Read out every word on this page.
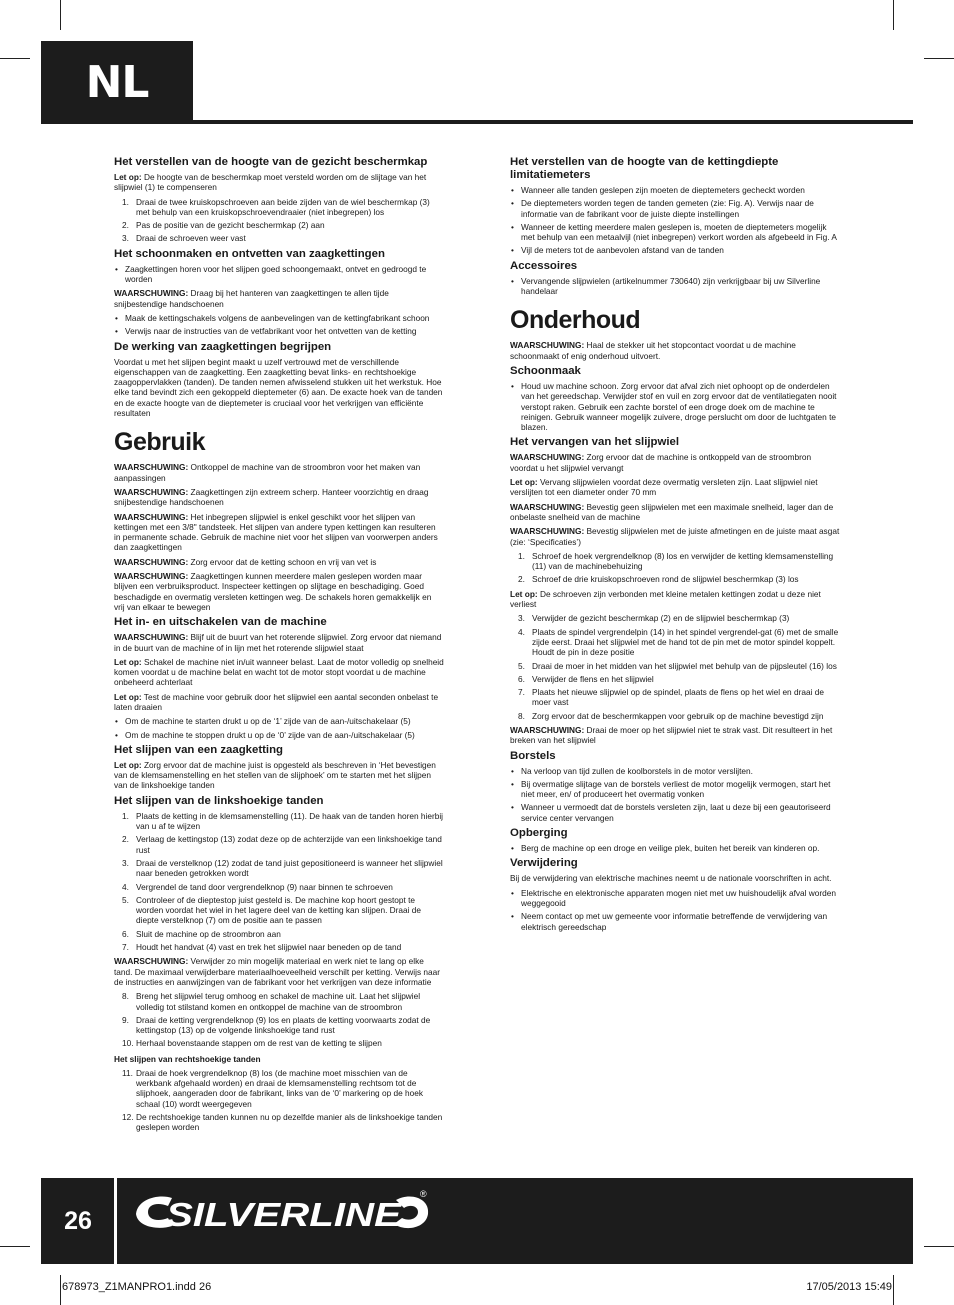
NL
Het verstellen van de hoogte van de gezicht beschermkap

Let op: De hoogte van de beschermkap moet versteld worden om de slijtage van het slijpwiel (1) te compenseren

1. Draai de twee kruiskopschroeven aan beide zijden van de wiel beschermkap (3) met behulp van een kruiskopschroevendraaier (niet inbegrepen) los
2. Pas de positie van de gezicht beschermkap (2) aan
3. Draai de schroeven weer vast
Het schoonmaken en ontvetten van zaagkettingen
• Zaagkettingen horen voor het slijpen goed schoongemaakt, ontvet en gedroogd te worden

WAARSCHUWING: Draag bij het hanteren van zaagkettingen te allen tijde snijbestendige handschoenen

• Maak de kettingschakels volgens de aanbevelingen van de kettingfabrikant schoon
• Verwijs naar de instructies van de vetfabrikant voor het ontvetten van de ketting
De werking van zaagkettingen begrijpen

Voordat u met het slijpen begint maakt u uzelf vertrouwd met de verschillende eigenschappen van de zaagketting. Een zaagketting bevat links- en rechtshoekige zaagoppervlakken (tanden). De tanden nemen afwisselend stukken uit het werkstuk. Hoe elke tand bevindt zich een gekoppeld dieptemeter (6) aan. De exacte hoek van de tanden en de exacte hoogte van de dieptemeter is cruciaal voor het verkrijgen van efficiënte resultaten

Gebruik

WAARSCHUWING: Ontkoppel de machine van de stroombron voor het maken van aanpassingen

WAARSCHUWING: Zaagkettingen zijn extreem scherp. Hanteer voorzichtig en draag snijbestendige handschoenen

WAARSCHUWING: Het inbegrepen slijpwiel is enkel geschikt voor het slijpen van kettingen met een 3/8" tandsteek. Het slijpen van andere typen kettingen kan resulteren in permanente schade. Gebruik de machine niet voor het slijpen van voorwerpen anders dan zaagkettingen

WAARSCHUWING: Zorg ervoor dat de ketting schoon en vrij van vet is

WAARSCHUWING: Zaagkettingen kunnen meerdere malen geslepen worden maar blijven een verbruiksproduct. Inspecteer kettingen op slijtage en beschadiging. Goed beschadigde en overmatig versleten kettingen weg. De schakels horen gemakkelijk en vrij van elkaar te bewegen

Het in- en uitschakelen van de machine

WAARSCHUWING: Blijf uit de buurt van het roterende slijpwiel. Zorg ervoor dat niemand in de buurt van de machine of in lijn met het roterende slijpwiel staat

Let op: Schakel de machine niet in/uit wanneer belast. Laat de motor volledig op snelheid komen voordat u de machine belat en wacht tot de motor stopt voordat u de machine onbeheerd achterlaat

Let op: Test de machine voor gebruik door het slijpwiel een aantal seconden onbelast te laten draaien

• Om de machine te starten drukt u op de ‘1’ zijde van de aan-/uitschakelaar (5)
• Om de machine te stoppen drukt u op de ‘0’ zijde van de aan-/uitschakelaar (5)
Het slijpen van een zaagketting

Let op: Zorg ervoor dat de machine juist is opgesteld als beschreven in ‘Het bevestigen van de klemsamenstelling en het stellen van de slijphoek’ om te starten met het slijpen van de linkshoekige tanden

Het slijpen van de linkshoekige tanden
1. Plaats de ketting in de klemsamenstelling (11). De haak van de tanden horen hierbij van u af te wijzen
2. Verlaag de kettingstop (13) zodat deze op de achterzijde van een linkshoekige tand rust
3. Draai de verstelknop (12) zodat de tand juist gepositioneerd is wanneer het slijpwiel naar beneden getrokken wordt
4. Vergrendel de tand door vergrendelknop (9) naar binnen te schroeven
5. Controleer of de dieptestop juist gesteld is. De machine kop hoort gestopt te worden voordat het wiel in het lagere deel van de ketting kan slijpen. Draai de diepte verstelknop (7) om de positie aan te passen
6. Sluit de machine op de stroombron aan
7. Houdt het handvat (4) vast en trek het slijpwiel naar beneden op de tand

WAARSCHUWING: Verwijder zo min mogelijk materiaal en werk niet te lang op elke tand. De maximaal verwijderbare materiaalhoeveelheid verschilt per ketting. Verwijs naar de instructies en aanwijzingen van de fabrikant voor het verkrijgen van deze informatie

8. Breng het slijpwiel terug omhoog en schakel de machine uit. Laat het slijpwiel volledig tot stilstand komen en ontkoppel de machine van de stroombron
9. Draai de ketting vergrendelknop (9) los en plaats de ketting voorwaarts zodat de kettingstop (13) op de volgende linkshoekige tand rust
10. Herhaal bovenstaande stappen om de rest van de ketting te slijpen
Het slijpen van rechtshoekige tanden
11. Draai de hoek vergrendelknop (8) los (de machine moet misschien van de werkbank afgehaald worden) en draai de klemsamenstelling rechtsom tot de slijphoek, aangeraden door de fabrikant, links van de ‘0’ markering op de hoek schaal (10) wordt weergegeven
12. De rechtshoekige tanden kunnen nu op dezelfde manier als de linkshoekige tanden geslepen worden
Het verstellen van de hoogte van de kettingdiepte limitatiemeters
• Wanneer alle tanden geslepen zijn moeten de dieptemeters gecheckt worden
• De dieptemeters worden tegen de tanden gemeten (zie: Fig. A). Verwijs naar de informatie van de fabrikant voor de juiste diepte instellingen
• Wanneer de ketting meerdere malen geslepen is, moeten de dieptemeters mogelijk met behulp van een metaalvijl (niet inbegrepen) verkort worden als afgebeeld in Fig. A
• Vijl de meters tot de aanbevolen afstand van de tanden
Accessoires
• Vervangende slijpwielen (artikelnummer 730640) zijn verkrijgbaar bij uw Silverline handelaar
Onderhoud

WAARSCHUWING: Haal de stekker uit het stopcontact voordat u de machine schoonmaakt of enig onderhoud uitvoert.

Schoonmaak
• Houd uw machine schoon. Zorg ervoor dat afval zich niet ophoopt op de onderdelen van het gereedschap. Verwijder stof en vuil en zorg ervoor dat de ventilatiegaten nooit verstopt raken. Gebruik een zachte borstel of een droge doek om de machine te reinigen. Gebruik wanneer mogelijk zuivere, droge perslucht om door de luchtgaten te blazen.
Het vervangen van het slijpwiel

WAARSCHUWING: Zorg ervoor dat de machine is ontkoppeld van de stroombron voordat u het slijpwiel vervangt

Let op: Vervang slijpwielen voordat deze overmatig versleten zijn. Laat slijpwiel niet verslijten tot een diameter onder 70 mm

WAARSCHUWING: Bevestig geen slijpwielen met een maximale snelheid, lager dan de onbelaste snelheid van de machine

WAARSCHUWING: Bevestig slijpwielen met de juiste afmetingen en de juiste maat asgat (zie: ‘Specificaties’)

1. Schroef de hoek vergrendelknop (8) los en verwijder de ketting klemsamenstelling (11) van de machinebehuizing
2. Schroef de drie kruiskopschroeven rond de slijpwiel beschermkap (3) los

Let op: De schroeven zijn verbonden met kleine metalen kettingen zodat u deze niet verliest

3. Verwijder de gezicht beschermkap (2) en de slijpwiel beschermkap (3)
4. Plaats de spindel vergrendelpin (14) in het spindel vergrendel-gat (6) met de smalle zijde eerst. Draai het slijpwiel met de hand tot de pin met de motor spindel koppelt. Houdt de pin in deze positie
5. Draai de moer in het midden van het slijpwiel met behulp van de pijpsleutel (16) los
6. Verwijder de flens en het slijpwiel
7. Plaats het nieuwe slijpwiel op de spindel, plaats de flens op het wiel en draai de moer vast
8. Zorg ervoor dat de beschermkappen voor gebruik op de machine bevestigd zijn

WAARSCHUWING: Draai de moer op het slijpwiel niet te strak vast. Dit resulteert in het breken van het slijpwiel

Borstels
• Na verloop van tijd zullen de koolborstels in de motor verslijten.
• Bij overmatige slijtage van de borstels verliest de motor mogelijk vermogen, start het niet meer, en/ of produceert het overmatig vonken
• Wanneer u vermoedt dat de borstels versleten zijn, laat u deze bij een geautoriseerd service center vervangen
Opberging
• Berg de machine op een droge en veilige plek, buiten het bereik van kinderen op.
Verwijdering

Bij de verwijdering van elektrische machines neemt u de nationale voorschriften in acht.

• Elektrische en elektronische apparaten mogen niet met uw huishoudelijk afval worden weggegooid
• Neem contact op met uw gemeente voor informatie betreffende de verwijdering van elektrisch gereedschap
26	SILVERLINE
®
678973_Z1MANPRO1.indd 26	17/05/2013 15:49
